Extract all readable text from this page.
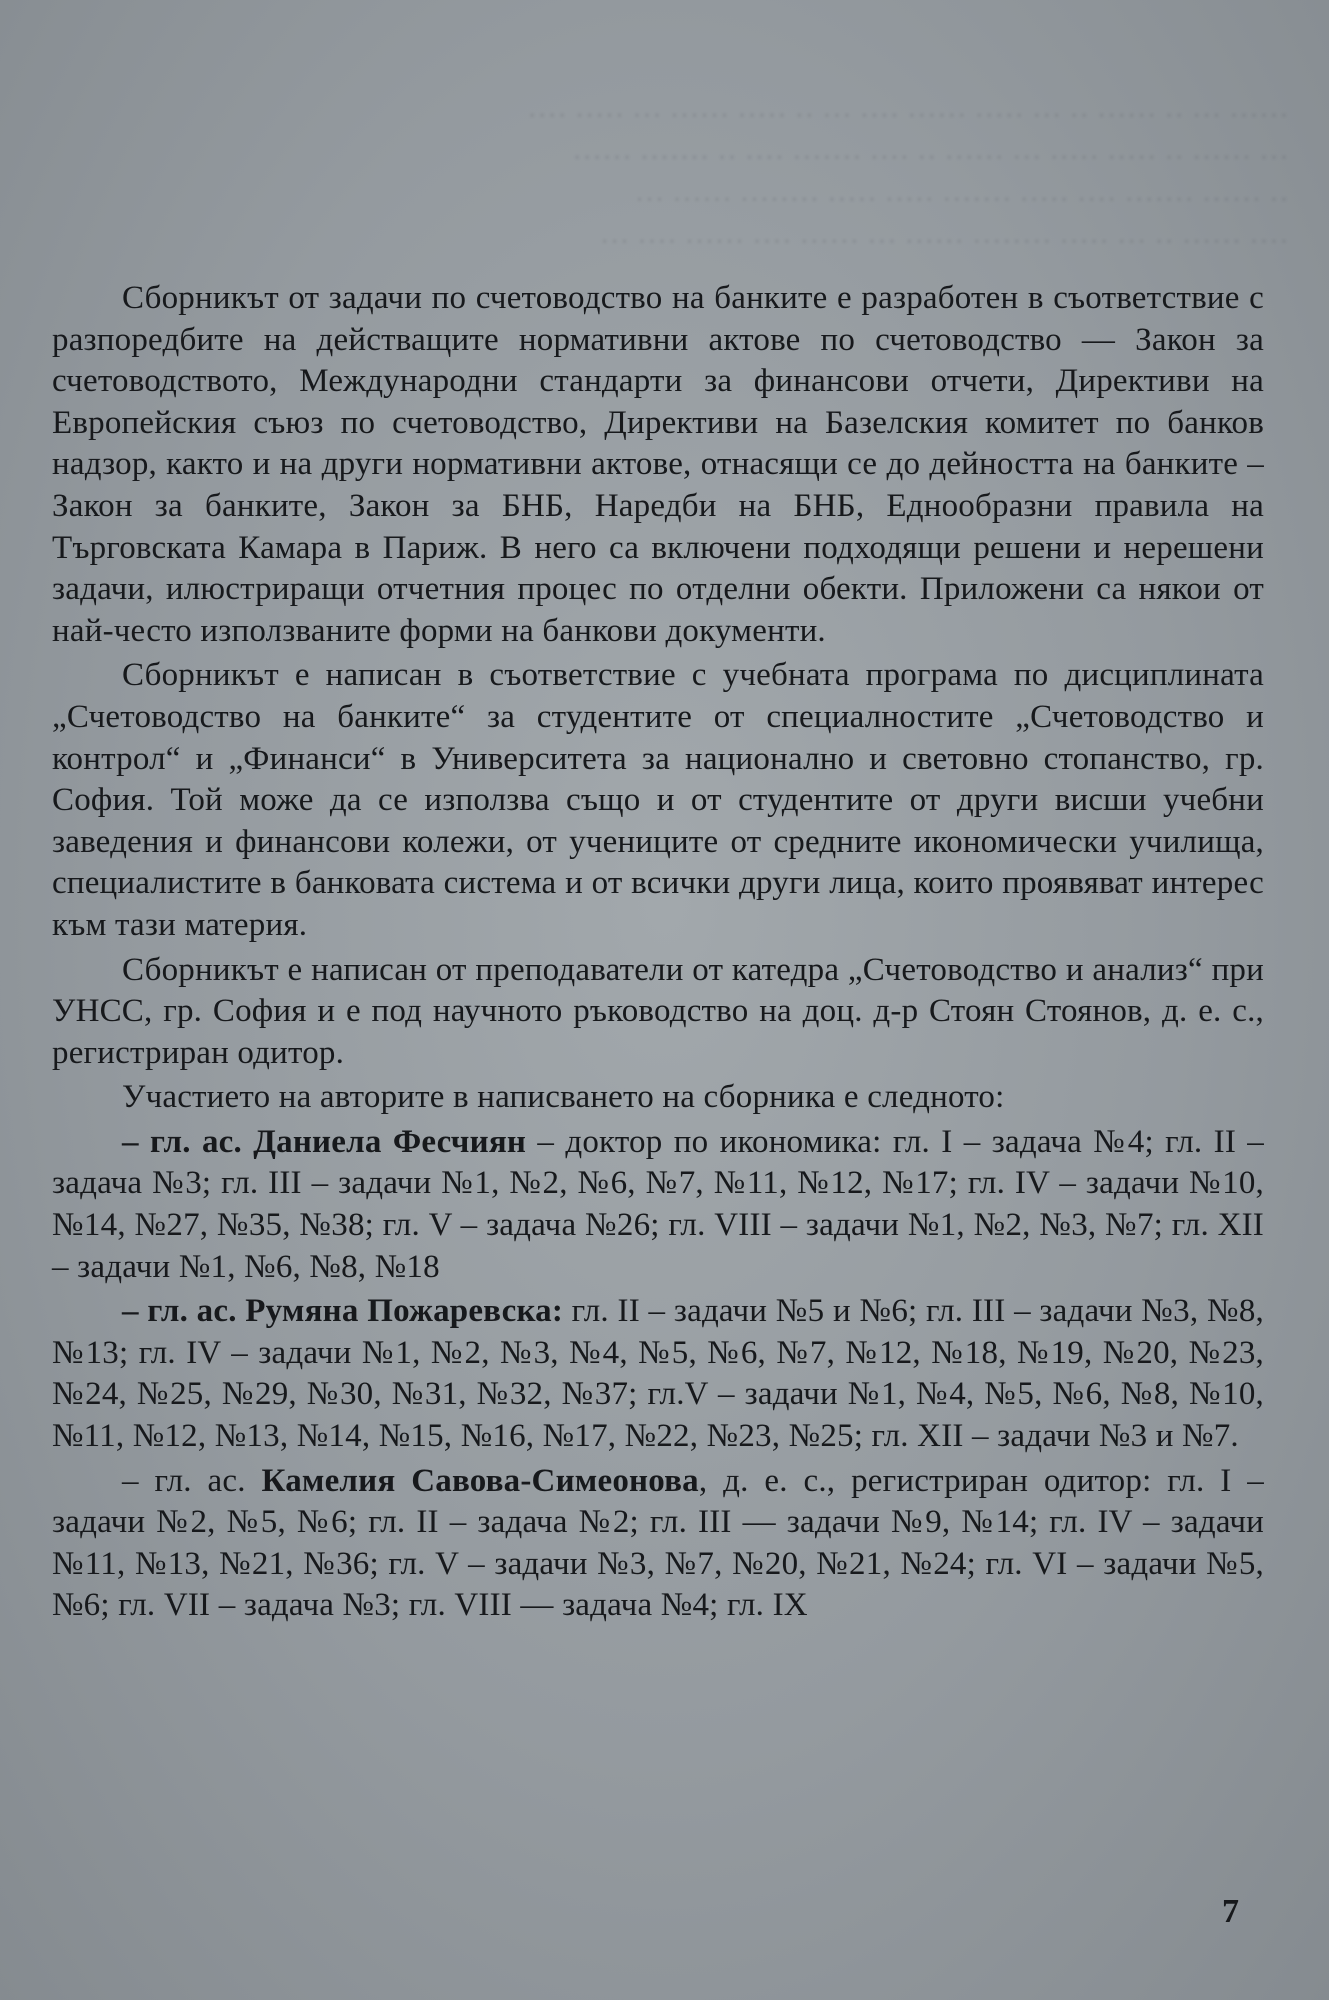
······ ··· ·· ······ ·· ··· ····· ······ ···· ··· ·· ····· ······ ··· ····· ····
··· ······ ·· ····· ····· ··· ······ ·· ···· ······· ···· ·· ······· ······
·· ······ ······· ···· ····· ······· ····· ····· ········ ······ ···
···· ······ ·· ··· ····· ········ ······ ··· ······ ···· ······ ···· ···

Сборникът от задачи по счетоводство на банките е разработен в съответствие с разпоредбите на действащите нормативни актове по счетоводство — Закон за счетоводството, Международни стандарти за финансови отчети, Директиви на Европейския съюз по счетоводство, Директиви на Базелския комитет по банков надзор, както и на други нормативни актове, отнасящи се до дейността на банките – Закон за банките, Закон за БНБ, Наредби на БНБ, Еднообразни правила на Търговската Камара в Париж. В него са включени подходящи решени и нерешени задачи, илюстриращи отчетния процес по отделни обекти. Приложени са някои от най-често използваните форми на банкови документи.

Сборникът е написан в съответствие с учебната програма по дисциплината „Счетоводство на банките“ за студентите от специалностите „Счетоводство и контрол“ и „Финанси“ в Университета за национално и световно стопанство, гр. София. Той може да се използва също и от студентите от други висши учебни заведения и финансови колежи, от учениците от средните икономически училища, специалистите в банковата система и от всички други лица, които проявяват интерес към тази материя.

Сборникът е написан от преподаватели от катедра „Счетоводство и анализ“ при УНСС, гр. София и е под научното ръководство на доц. д-р Стоян Стоянов, д. е. с., регистриран одитор.

Участието на авторите в написването на сборника е следното:

– гл. ас. Даниела Фесчиян – доктор по икономика: гл. I – задача №4; гл. II – задача №3; гл. III – задачи №1, №2, №6, №7, №11, №12, №17; гл. IV – задачи №10, №14, №27, №35, №38; гл. V – задача №26; гл. VIII – задачи №1, №2, №3, №7; гл. XII – задачи №1, №6, №8, №18

– гл. ас. Румяна Пожаревска: гл. II – задачи №5 и №6; гл. III – задачи №3, №8, №13; гл. IV – задачи №1, №2, №3, №4, №5, №6, №7, №12, №18, №19, №20, №23, №24, №25, №29, №30, №31, №32, №37; гл.V – задачи №1, №4, №5, №6, №8, №10, №11, №12, №13, №14, №15, №16, №17, №22, №23, №25; гл. XII – задачи №3 и №7.

– гл. ас. Камелия Савова-Симеонова, д. е. с., регистриран одитор: гл. I – задачи №2, №5, №6; гл. II – задача №2; гл. III — задачи №9, №14; гл. IV – задачи №11, №13, №21, №36; гл. V – задачи №3, №7, №20, №21, №24; гл. VI – задачи №5, №6; гл. VII – задача №3; гл. VIII — задача №4; гл. IX

7
